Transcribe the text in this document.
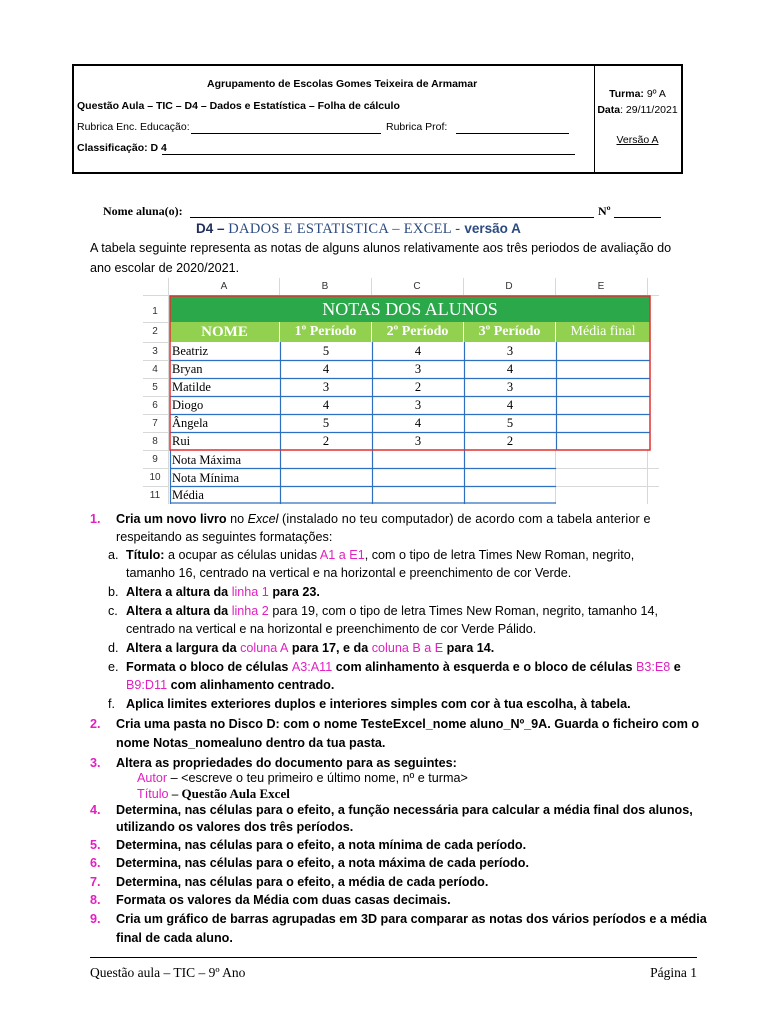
Agrupamento de Escolas Gomes Teixeira de Armamar
Questão Aula – TIC – D4 – Dados e Estatística – Folha de cálculo
Rubrica Enc. Educação:	Rubrica Prof:
Classificação: D 4
Turma: 9º A
Data: 29/11/2021
Versão A
Nome aluna(o):	Nº
D4 – DADOS E ESTATISTICA – EXCEL - versão A
A tabela seguinte representa as notas de alguns alunos relativamente aos três periodos de avaliação do
ano escolar de 2020/2021.
A	B	C	D	E
1
2
3
4
5
6
7
8
9
10
11
NOTAS DOS ALUNOS
NOME	1º Período	2º Período	3º Período	Média final
Beatriz	5	4	3
Bryan	4	3	4
Matilde	3	2	3
Diogo	4	3	4
Ângela	5	4	5
Rui	2	3	2
Nota Máxima
Nota Mínima
Média
1. Cria um novo livro no Excel (instalado no teu computador) de acordo com a tabela anterior e
respeitando as seguintes formatações:
a. Título: a ocupar as células unidas A1 a E1, com o tipo de letra Times New Roman, negrito,
tamanho 16, centrado na vertical e na horizontal e preenchimento de cor Verde.
b. Altera a altura da linha 1 para 23.
c. Altera a altura da linha 2 para 19, com o tipo de letra Times New Roman, negrito, tamanho 14,
centrado na vertical e na horizontal e preenchimento de cor Verde Pálido.
d. Altera a largura da coluna A para 17, e da coluna B a E para 14.
e. Formata o bloco de células A3:A11 com alinhamento à esquerda e o bloco de células B3:E8 e
B9:D11 com alinhamento centrado.
f. Aplica limites exteriores duplos e interiores simples com cor à tua escolha, à tabela.
2. Cria uma pasta no Disco D: com o nome TesteExcel_nome aluno_Nº_9A. Guarda o ficheiro com o
nome Notas_nomealuno dentro da tua pasta.
3. Altera as propriedades do documento para as seguintes:
Autor – <escreve o teu primeiro e último nome, nº e turma>
Título – Questão Aula Excel
4. Determina, nas células para o efeito, a função necessária para calcular a média final dos alunos,
utilizando os valores dos três períodos.
5. Determina, nas células para o efeito, a nota mínima de cada período.
6. Determina, nas células para o efeito, a nota máxima de cada período.
7. Determina, nas células para o efeito, a média de cada período.
8. Formata os valores da Média com duas casas decimais.
9. Cria um gráfico de barras agrupadas em 3D para comparar as notas dos vários períodos e a média
final de cada aluno.
Questão aula – TIC – 9º Ano	Página 1
